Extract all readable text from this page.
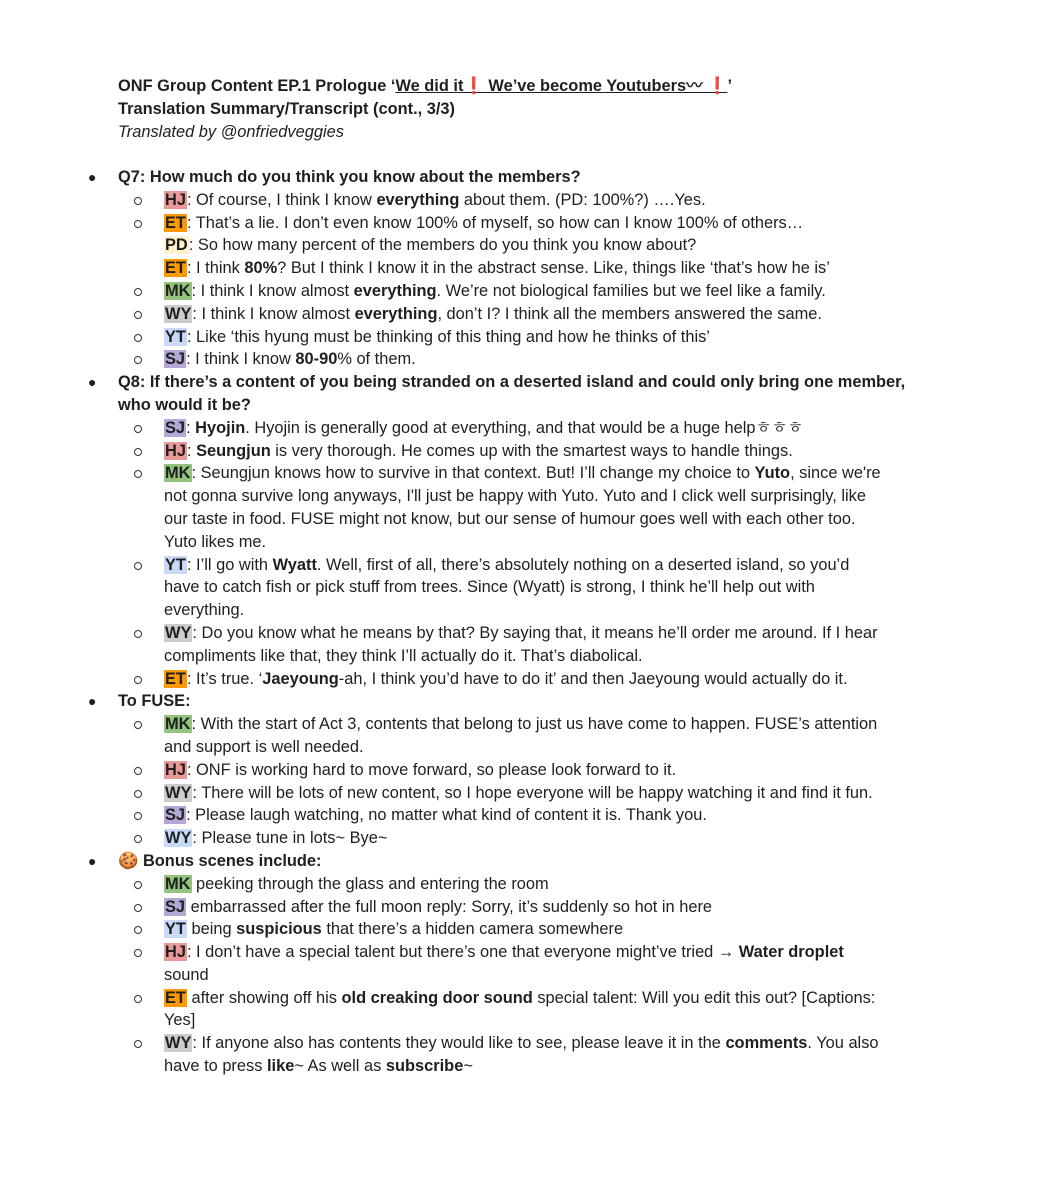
ONF Group Content EP.1 Prologue ‘We did it❗ We’ve become Youtubers〰 ❗’
Translation Summary/Transcript (cont., 3/3)
Translated by @onfriedveggies
● Q7: How much do you think you know about the members?
HJ: Of course, I think I know everything about them. (PD: 100%?) ….Yes.
ET: That’s a lie. I don’t even know 100% of myself, so how can I know 100% of others…
PD: So how many percent of the members do you think you know about?
ET: I think 80%? But I think I know it in the abstract sense. Like, things like ‘that’s how he is’
MK: I think I know almost everything. We’re not biological families but we feel like a family.
WY: I think I know almost everything, don’t I? I think all the members answered the same.
YT: Like ‘this hyung must be thinking of this thing and how he thinks of this’
SJ: I think I know 80-90% of them.
● Q8: If there’s a content of you being stranded on a deserted island and could only bring one member, who would it be?
SJ: Hyojin. Hyojin is generally good at everything, and that would be a huge helpㅎㅎㅎ
HJ: Seungjun is very thorough. He comes up with the smartest ways to handle things.
MK: Seungjun knows how to survive in that context. But! I’ll change my choice to Yuto, since we're
not gonna survive long anyways, I'll just be happy with Yuto. Yuto and I click well surprisingly, like
our taste in food. FUSE might not know, but our sense of humour goes well with each other too.
Yuto likes me.
YT: I’ll go with Wyatt. Well, first of all, there’s absolutely nothing on a deserted island, so you’d
have to catch fish or pick stuff from trees. Since (Wyatt) is strong, I think he’ll help out with
everything.
WY: Do you know what he means by that? By saying that, it means he’ll order me around. If I hear
compliments like that, they think I’ll actually do it. That’s diabolical.
ET: It’s true. ‘Jaeyoung-ah, I think you’d have to do it’ and then Jaeyoung would actually do it.
● To FUSE:
MK: With the start of Act 3, contents that belong to just us have come to happen. FUSE’s attention
and support is well needed.
HJ: ONF is working hard to move forward, so please look forward to it.
WY: There will be lots of new content, so I hope everyone will be happy watching it and find it fun.
SJ: Please laugh watching, no matter what kind of content it is. Thank you.
WY: Please tune in lots~ Bye~
● 🍪 Bonus scenes include:
MK peeking through the glass and entering the room
SJ embarrassed after the full moon reply: Sorry, it’s suddenly so hot in here
YT being suspicious that there’s a hidden camera somewhere
HJ: I don’t have a special talent but there’s one that everyone might’ve tried → Water droplet
sound
ET after showing off his old creaking door sound special talent: Will you edit this out? [Captions:
Yes]
WY: If anyone also has contents they would like to see, please leave it in the comments. You also
have to press like~ As well as subscribe~
